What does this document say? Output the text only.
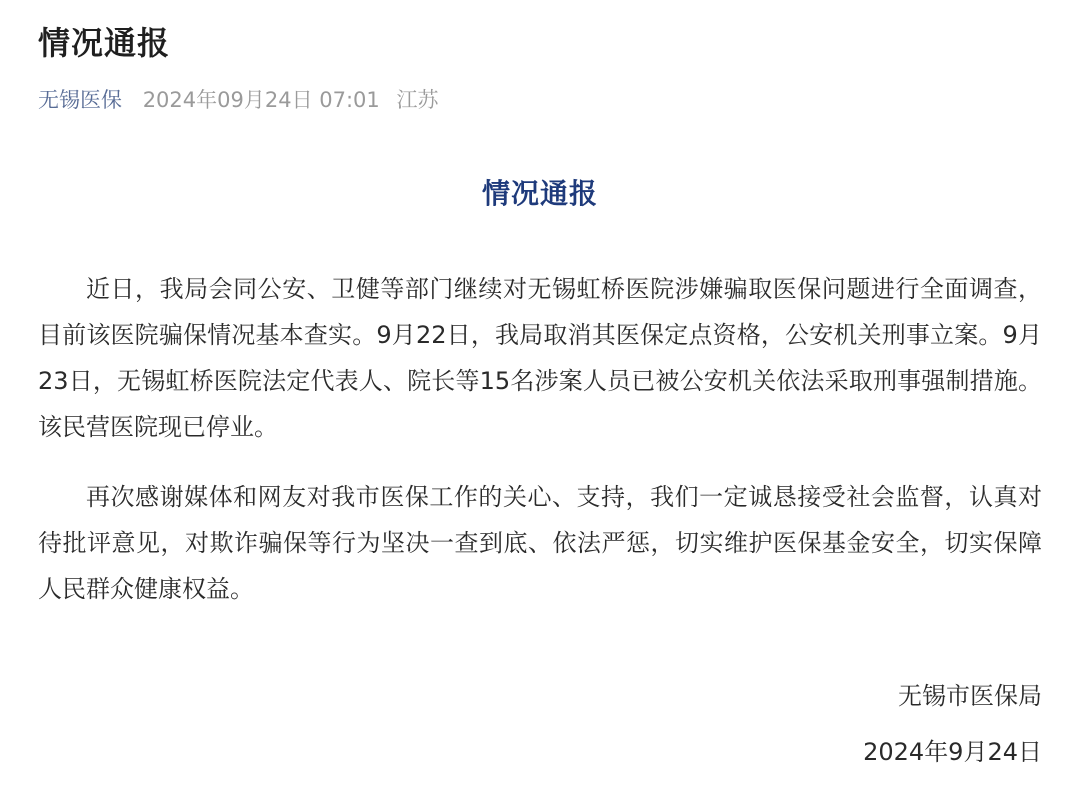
情况通报
无锡医保 2024年09月24日 07:01 江苏
情况通报

近日，我局会同公安、卫健等部门继续对无锡虹桥医院涉嫌骗取医保问题进行全面调查，目前该医院骗保情况基本查实。9月22日，我局取消其医保定点资格，公安机关刑事立案。9月23日，无锡虹桥医院法定代表人、院长等15名涉案人员已被公安机关依法采取刑事强制措施。该民营医院现已停业。

再次感谢媒体和网友对我市医保工作的关心、支持，我们一定诚恳接受社会监督，认真对待批评意见，对欺诈骗保等行为坚决一查到底、依法严惩，切实维护医保基金安全，切实保障人民群众健康权益。

无锡市医保局
2024年9月24日
